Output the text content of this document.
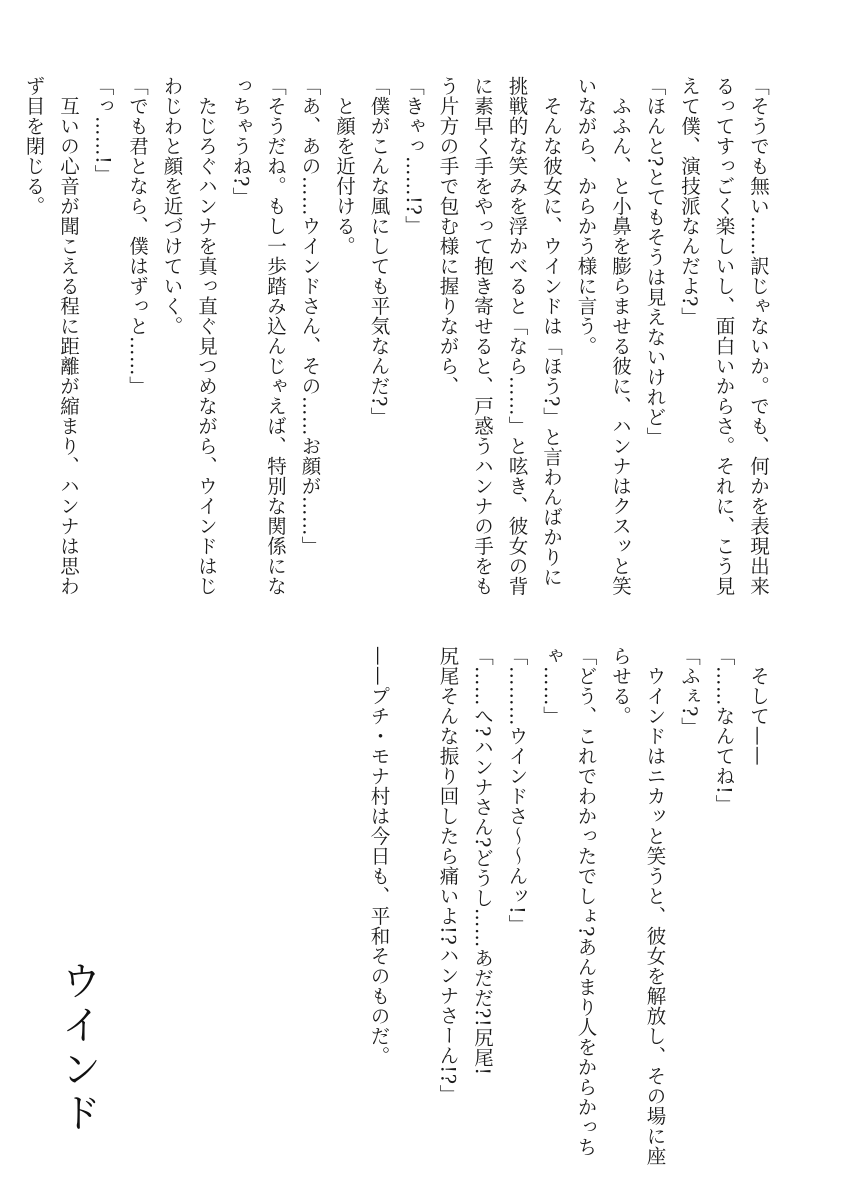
「そうでも無い……訳じゃないか。でも、何かを表現出来

るってすっごく楽しいし、面白いからさ。それに、こう見

えて僕、演技派なんだよ?」

「ほんと?とてもそうは見えないけれど」

　ふふん、と小鼻を膨らませる彼に、ハンナはクスッと笑

いながら、からかう様に言う。

　そんな彼女に、ウインドは「ほう?」と言わんばかりに

挑戦的な笑みを浮かべると「なら……」と呟き、彼女の背

に素早く手をやって抱き寄せると、戸惑うハンナの手をも

う片方の手で包む様に握りながら、

「きゃっ……!?」

「僕がこんな風にしても平気なんだ?」

　と顔を近付ける。

「あ、あの……ウインドさん、その……お顔が……」

「そうだね。もし一歩踏み込んじゃえば、特別な関係にな

っちゃうね?」

　たじろぐハンナを真っ直ぐ見つめながら、ウインドはじ

わじわと顔を近づけていく。

「でも君となら、僕はずっと……」

「っ……!」

　互いの心音が聞こえる程に距離が縮まり、ハンナは思わ

ず目を閉じる。

　そして——

「……なんてね!」

「ふぇ?」

　ウインドはニカッと笑うと、彼女を解放し、その場に座

らせる。

「どう、これでわかったでしょ?あんまり人をからかっち

ゃ……」

「………ウインドさ〜〜んッ!」

「……へ?ハンナさん?どうし……あだだ?!尻尾!

尻尾そんな振り回したら痛いよ!?ハンナさーん!?」

——プチ・モナ村は今日も、平和そのものだ。

ウインド
